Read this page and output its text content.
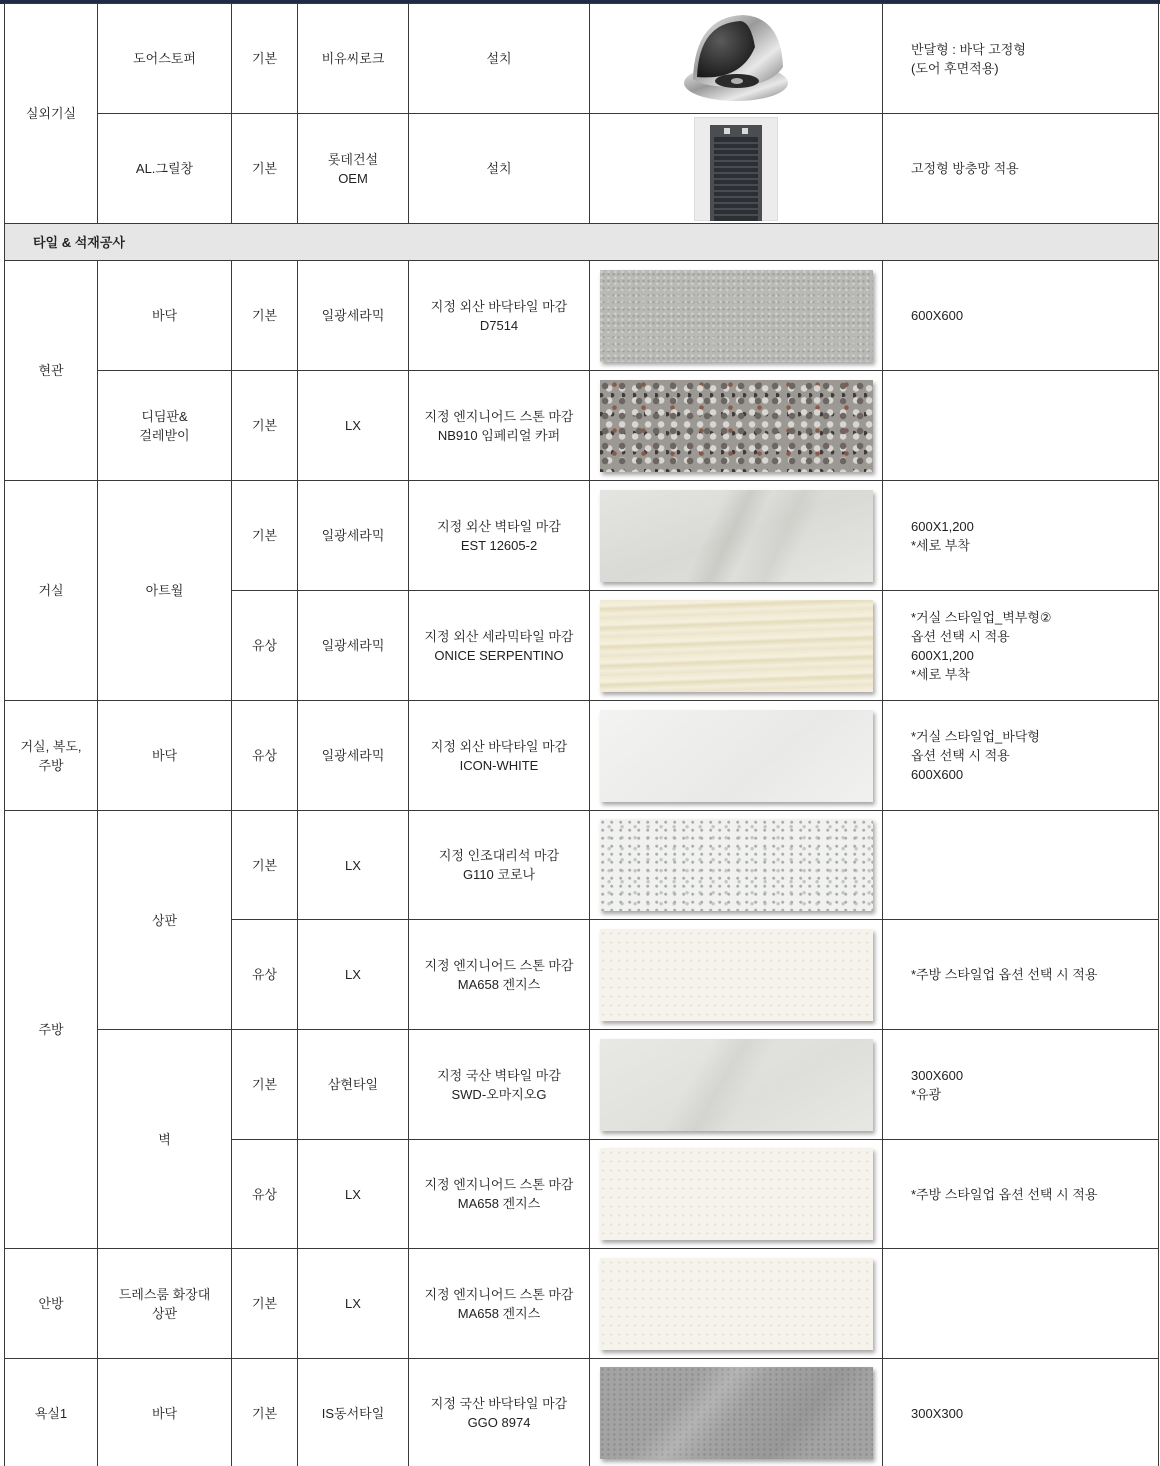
실외기실	도어스토퍼	기본	비유씨로크	설치		반달형 : 바닥 고정형
(도어 후면적용)

	AL.그릴창	기본	롯데건설
OEM	설치		고정형 방충망 적용

타일 & 석재공사						

현관	바닥	기본	일광세라믹	지정 외산 바닥타일 마감
D7514		600X600

	디딤판&
걸레받이	기본	LX	지정 엔지니어드 스톤 마감
NB910 임페리얼 카퍼		

거실	아트월	기본	일광세라믹	지정 외산 벽타일 마감
EST 12605-2		600X1,200
*세로 부착

		유상	일광세라믹	지정 외산 세라믹타일 마감
ONICE SERPENTINO		*거실 스타일업_벽부형②
옵션 선택 시 적용
600X1,200
*세로 부착

거실, 복도,
주방	바닥	유상	일광세라믹	지정 외산 바닥타일 마감
ICON-WHITE		*거실 스타일업_바닥형
옵션 선택 시 적용
600X600

주방	상판	기본	LX	지정 인조대리석 마감
G110 코로나		

		유상	LX	지정 엔지니어드 스톤 마감
MA658 겐지스		*주방 스타일업 옵션 선택 시 적용

	벽	기본	삼현타일	지정 국산 벽타일 마감
SWD-오마지오G		300X600
*유광

		유상	LX	지정 엔지니어드 스톤 마감
MA658 겐지스		*주방 스타일업 옵션 선택 시 적용

안방	드레스룸 화장대
상판	기본	LX	지정 엔지니어드 스톤 마감
MA658 겐지스		

욕실1	바닥	기본	IS동서타일	지정 국산 바닥타일 마감
GGO 8974		300X300
